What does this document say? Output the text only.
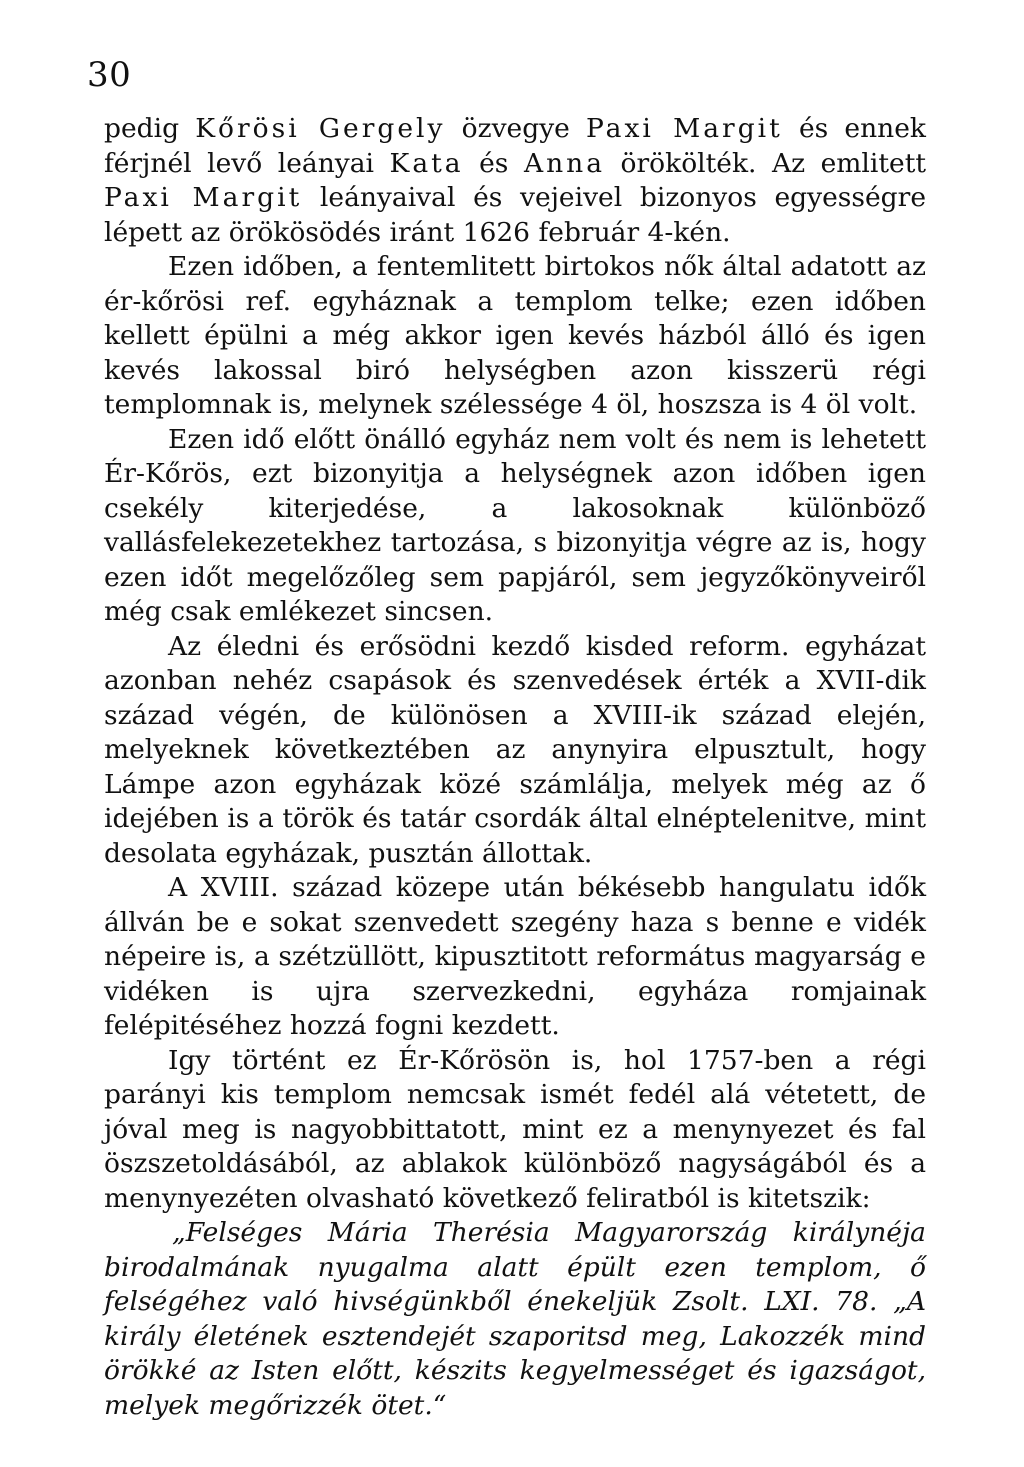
30

pedig Kőrösi Gergely özvegye Paxi Margit és ennek férjnél levő leányai Kata és Anna örökölték. Az emlitett Paxi Margit leányaival és vejeivel bizonyos egyességre lépett az örökösödés iránt 1626 február 4-kén.

Ezen időben, a fentemlitett birtokos nők által adatott az ér-kőrösi ref. egyháznak a templom telke; ezen időben kellett épülni a még akkor igen kevés házból álló és igen kevés lakossal biró helységben azon kisszerü régi templomnak is, melynek szélessége 4 öl, hoszsza is 4 öl volt.

Ezen idő előtt önálló egyház nem volt és nem is lehetett Ér-Kőrös, ezt bizonyitja a helységnek azon időben igen csekély kiterjedése, a lakosoknak különböző vallásfelekezetekhez tartozása, s bizonyitja végre az is, hogy ezen időt megelőzőleg sem papjáról, sem jegyzőkönyveiről még csak emlékezet sincsen.

Az éledni és erősödni kezdő kisded reform. egyházat azonban nehéz csapások és szenvedések érték a XVII-dik század végén, de különösen a XVIII-ik század elején, melyeknek következtében az anynyira elpusztult, hogy Lámpe azon egyházak közé számlálja, melyek még az ő idejében is a török és tatár csordák által elnéptelenitve, mint desolata egyházak, pusztán állottak.

A XVIII. század közepe után békésebb hangulatu idők állván be e sokat szenvedett szegény haza s benne e vidék népeire is, a szétzüllött, kipusztitott református magyarság e vidéken is ujra szervezkedni, egyháza romjainak felépitéséhez hozzá fogni kezdett.

Igy történt ez Ér-Kőrösön is, hol 1757-ben a régi parányi kis templom nemcsak ismét fedél alá vétetett, de jóval meg is nagyobbittatott, mint ez a menynyezet és fal öszszetoldásából, az ablakok különböző nagyságából és a menynyezéten olvasható következő feliratból is kitetszik:

„Felséges Mária Therésia Magyarország királynéja birodalmának nyugalma alatt épült ezen templom, ő felségéhez való hivségünkből énekeljük Zsolt. LXI. 78. „A király életének esztendejét szaporitsd meg, Lakozzék mind örökké az Isten előtt, készits kegyelmességet és igazságot, melyek megőrizzék ötet.“
